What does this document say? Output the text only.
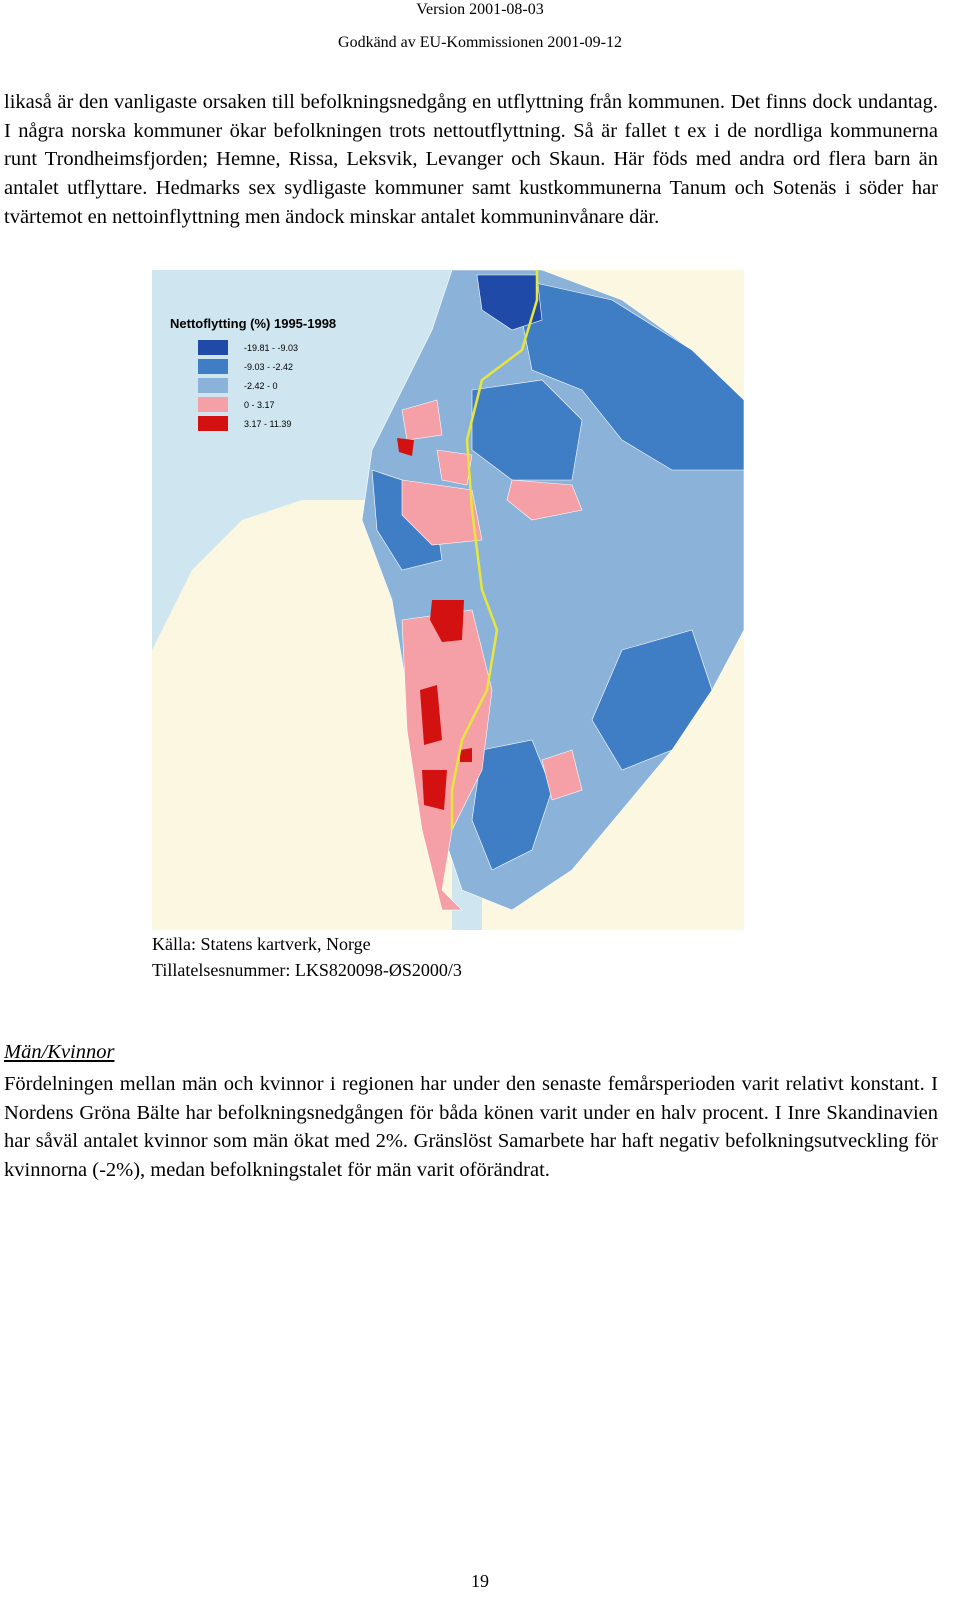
Version 2001-08-03
Godkänd av EU-Kommissionen 2001-09-12

likaså är den vanligaste orsaken till befolkningsnedgång en utflyttning från kommunen. Det finns dock undantag. I några norska kommuner ökar befolkningen trots nettoutflyttning. Så är fallet t ex i de nordliga kommunerna runt Trondheimsfjorden; Hemne, Rissa, Leksvik, Levanger och Skaun. Här föds med andra ord flera barn än antalet utflyttare. Hedmarks sex sydligaste kommuner samt kustkommunerna Tanum och Sotenäs i söder har tvärtemot en nettoinflyttning men ändock minskar antalet kommuninvånare där.

Nettoflytting (%) 1995-1998
-19.81 - -9.03
-9.03 - -2.42
-2.42 - 0
0 - 3.17
3.17 - 11.39
Källa: Statens kartverk, Norge
Tillatelsesnummer: LKS820098-ØS2000/3

Män/Kvinnor

Fördelningen mellan män och kvinnor i regionen har under den senaste femårsperioden varit relativt konstant. I Nordens Gröna Bälte har befolkningsnedgången för båda könen varit under en halv procent. I Inre Skandinavien har såväl antalet kvinnor som män ökat med 2%. Gränslöst Samarbete har haft negativ befolkningsutveckling för kvinnorna (-2%), medan befolkningstalet för män varit oförändrat.

19
